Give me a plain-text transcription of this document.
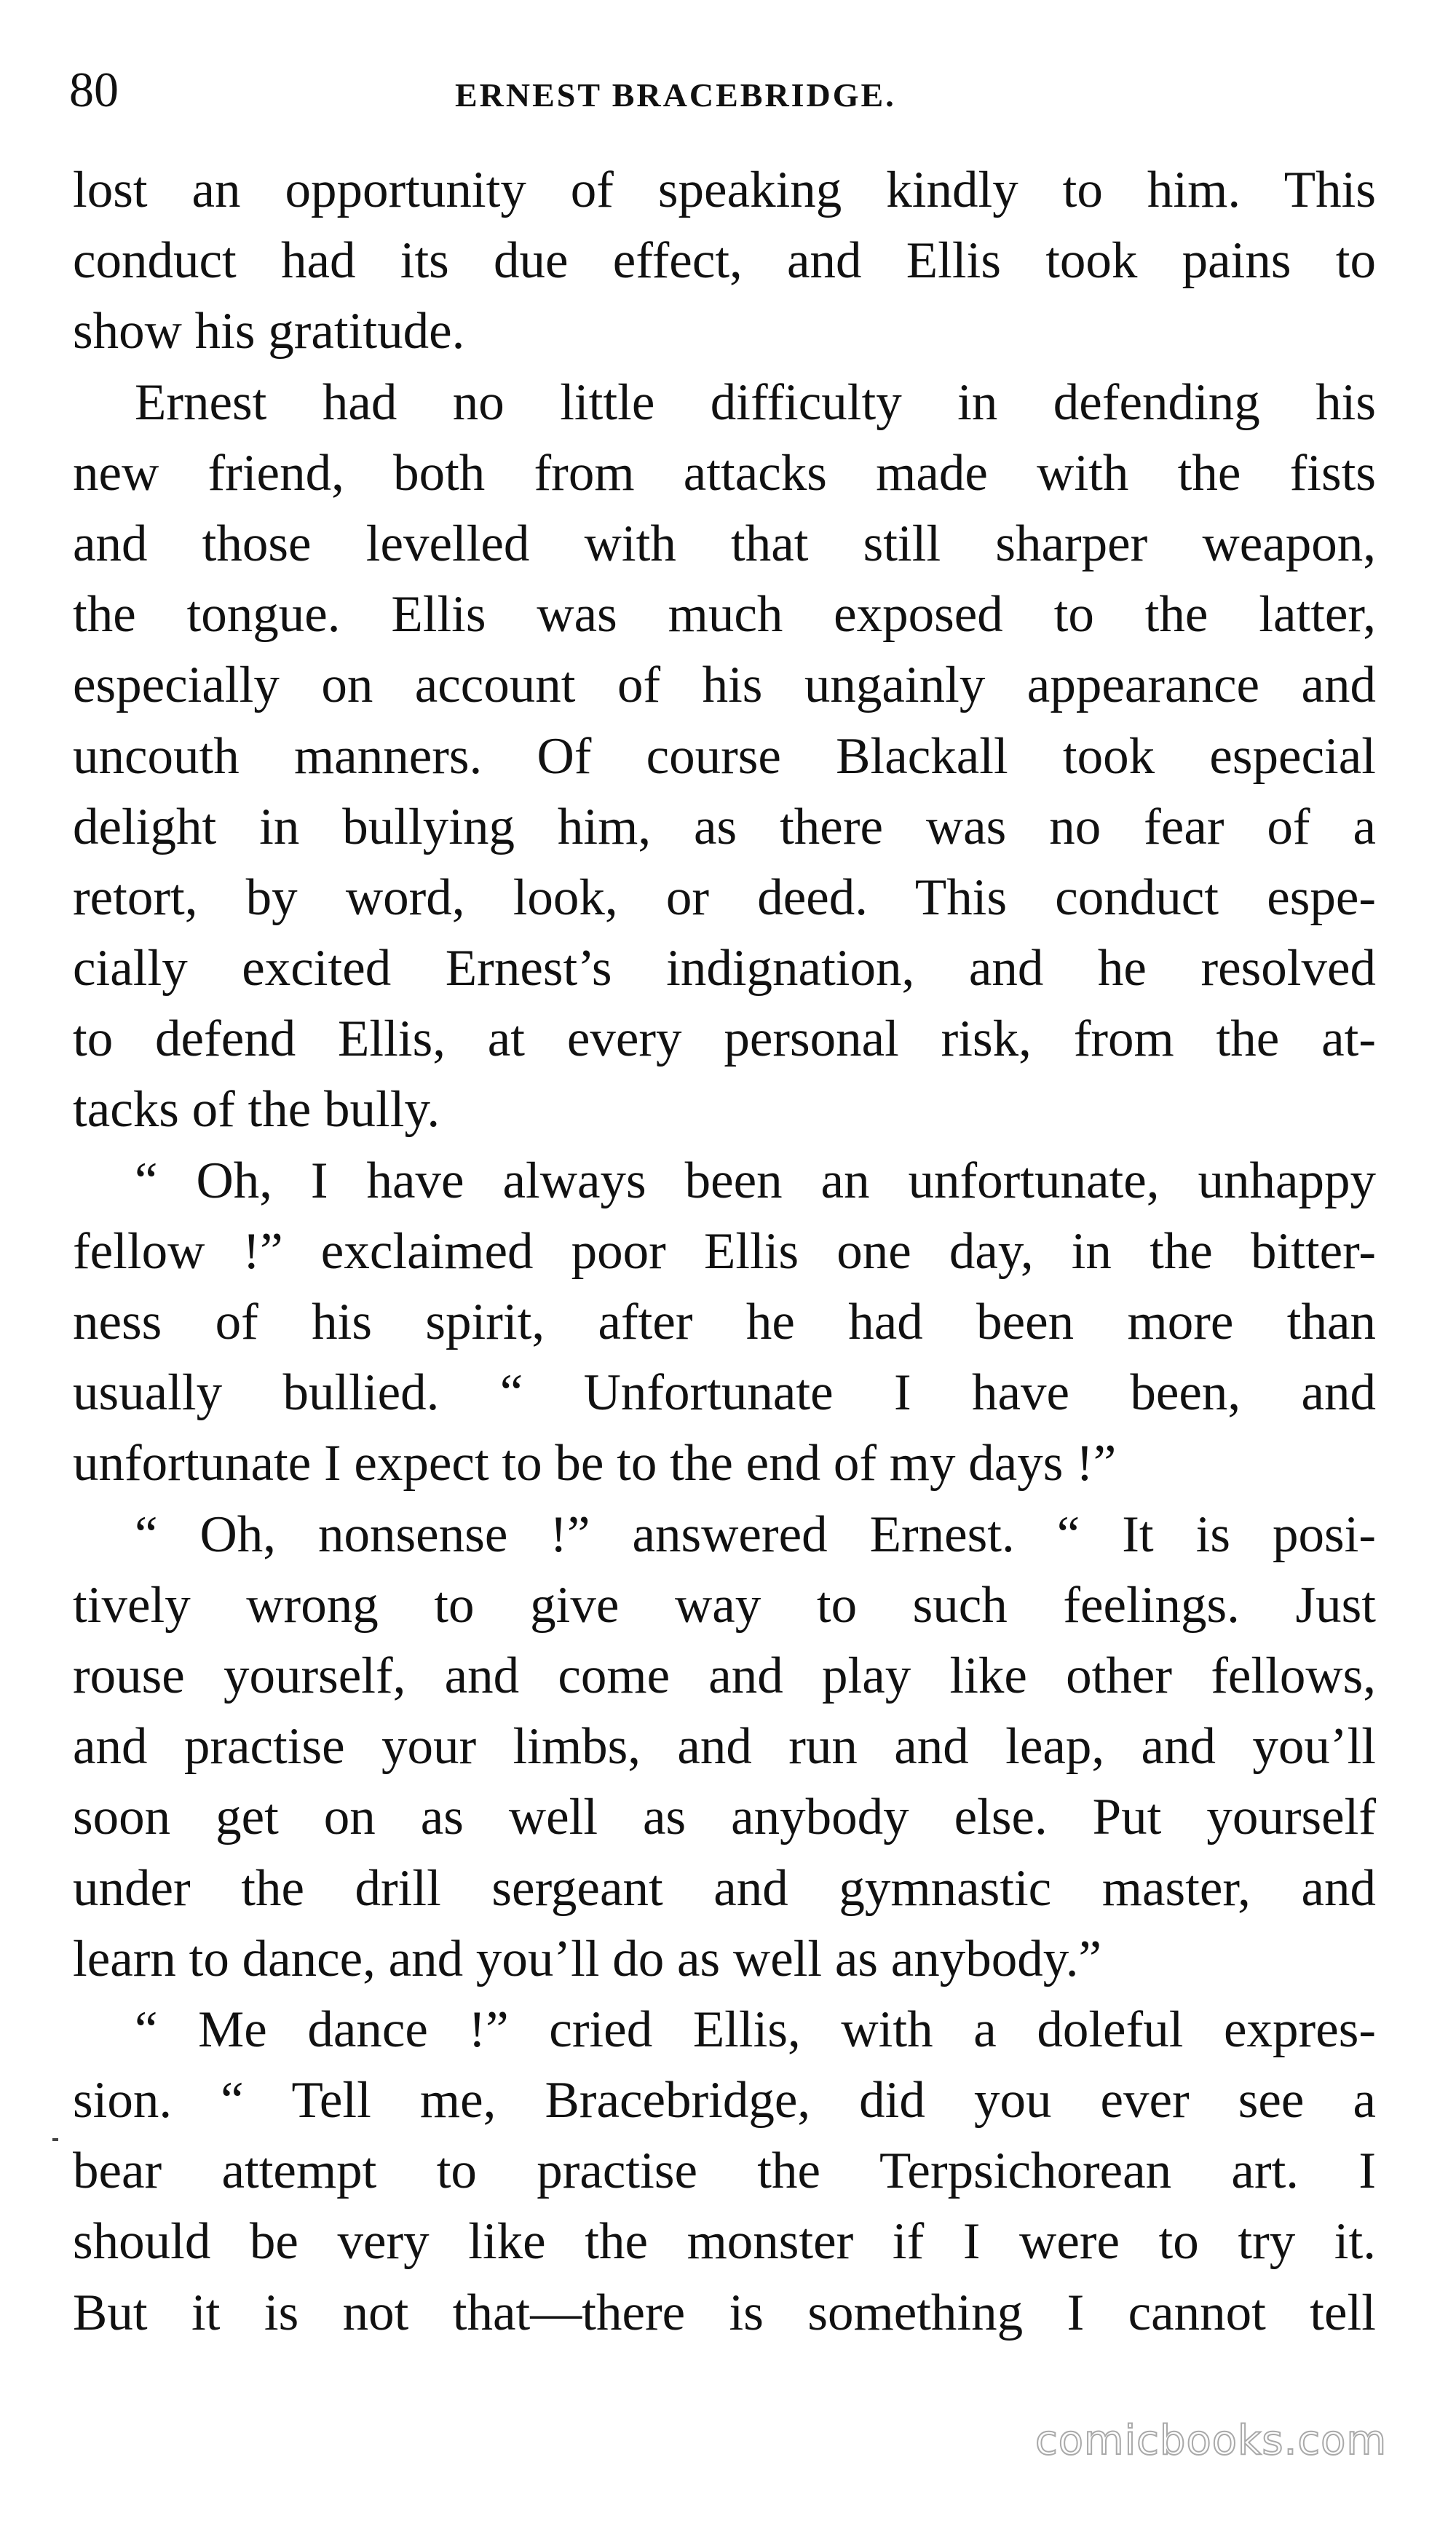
80	ERNEST BRACEBRIDGE.
lost an opportunity of speaking kindly to him. This
conduct had its due effect, and Ellis took pains to
show his gratitude.
Ernest had no little difficulty in defending his
new friend, both from attacks made with the fists
and those levelled with that still sharper weapon,
the tongue. Ellis was much exposed to the latter,
especially on account of his ungainly appearance and
uncouth manners. Of course Blackall took especial
delight in bullying him, as there was no fear of a
retort, by word, look, or deed. This conduct espe-
cially excited Ernest’s indignation, and he resolved
to defend Ellis, at every personal risk, from the at-
tacks of the bully.
“ Oh, I have always been an unfortunate, unhappy
fellow !” exclaimed poor Ellis one day, in the bitter-
ness of his spirit, after he had been more than
usually bullied. “ Unfortunate I have been, and
unfortunate I expect to be to the end of my days !”
“ Oh, nonsense !” answered Ernest. “ It is posi-
tively wrong to give way to such feelings. Just
rouse yourself, and come and play like other fellows,
and practise your limbs, and run and leap, and you’ll
soon get on as well as anybody else. Put yourself
under the drill sergeant and gymnastic master, and
learn to dance, and you’ll do as well as anybody.”
“ Me dance !” cried Ellis, with a doleful expres-
sion. “ Tell me, Bracebridge, did you ever see a
bear attempt to practise the Terpsichorean art. I
should be very like the monster if I were to try it.
But it is not that—there is something I cannot tell
comicbooks.com
